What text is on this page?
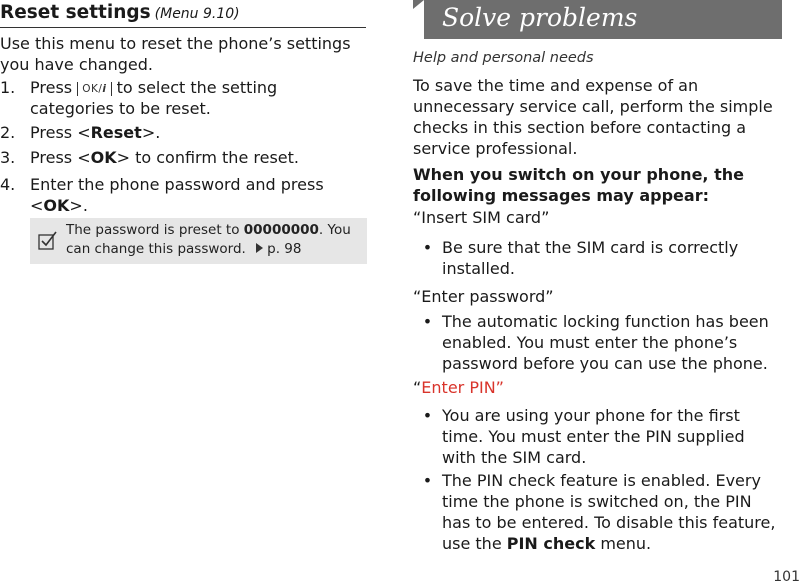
Reset settings (Menu 9.10)
Use this menu to reset the phone’s settings you have changed.
1. Press OK/i to select the setting categories to be reset.
2. Press <Reset>.
3. Press <OK> to confirm the reset.
4. Enter the phone password and press <OK>.
The password is preset to 00000000. You can change this password. p. 98
Solve problems
Help and personal needs
To save the time and expense of an unnecessary service call, perform the simple checks in this section before contacting a service professional.
When you switch on your phone, the following messages may appear:
“Insert SIM card”
• Be sure that the SIM card is correctly installed.
“Enter password”
• The automatic locking function has been enabled. You must enter the phone’s password before you can use the phone.
“Enter PIN”
• You are using your phone for the first time. You must enter the PIN supplied with the SIM card.
• The PIN check feature is enabled. Every time the phone is switched on, the PIN has to be entered. To disable this feature, use the PIN check menu.
101
